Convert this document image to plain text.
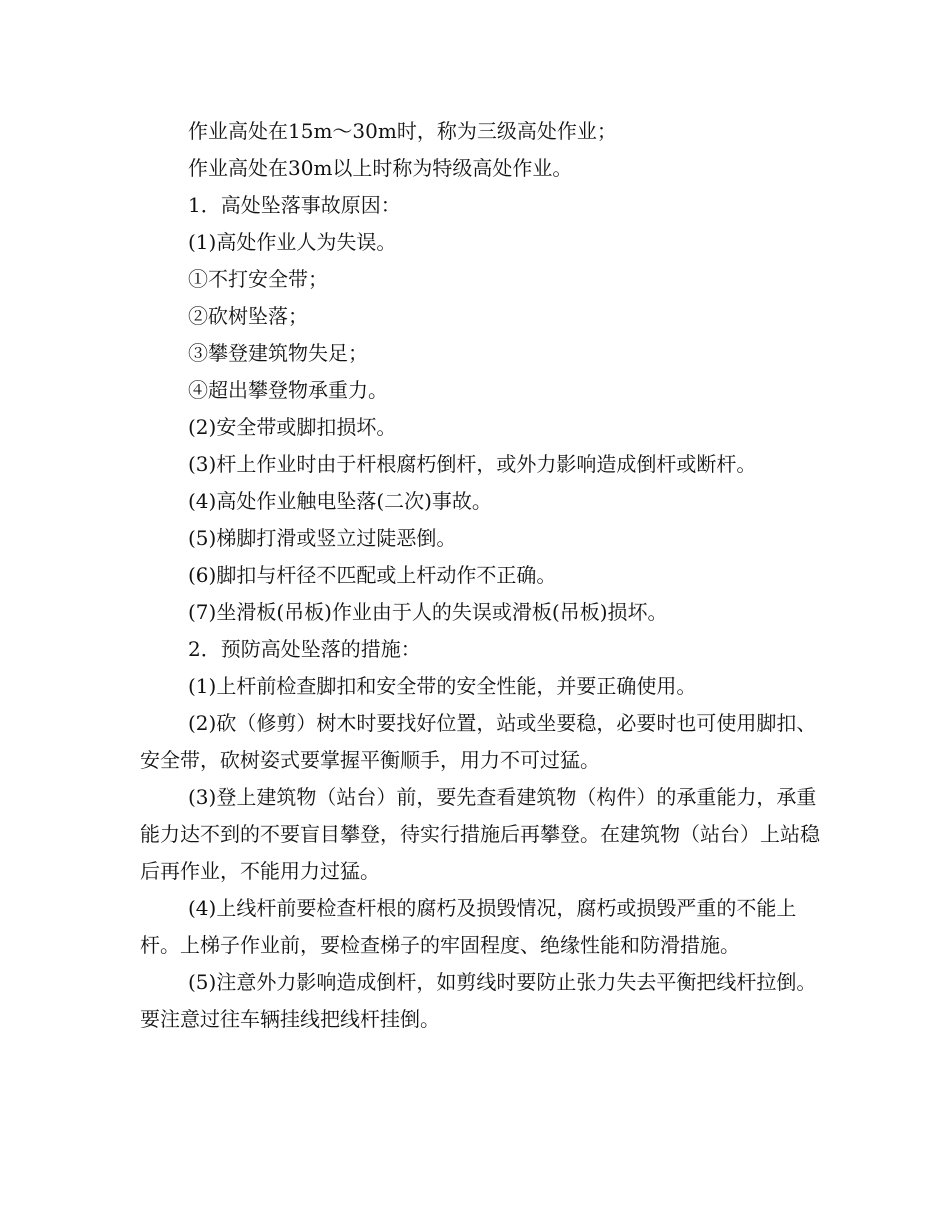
作业高处在15m～30m时，称为三级高处作业；

作业高处在30m以上时称为特级高处作业。

1．高处坠落事故原因：

(1)高处作业人为失误。

①不打安全带；

②砍树坠落；

③攀登建筑物失足；

④超出攀登物承重力。

(2)安全带或脚扣损坏。

(3)杆上作业时由于杆根腐朽倒杆，或外力影响造成倒杆或断杆。

(4)高处作业触电坠落(二次)事故。

(5)梯脚打滑或竖立过陡恶倒。

(6)脚扣与杆径不匹配或上杆动作不正确。

(7)坐滑板(吊板)作业由于人的失误或滑板(吊板)损坏。

2．预防高处坠落的措施：

(1)上杆前检查脚扣和安全带的安全性能，并要正确使用。

(2)砍（修剪）树木时要找好位置，站或坐要稳，必要时也可使用脚扣、安全带，砍树姿式要掌握平衡顺手，用力不可过猛。

(3)登上建筑物（站台）前，要先查看建筑物（构件）的承重能力，承重能力达不到的不要盲目攀登，待实行措施后再攀登。在建筑物（站台）上站稳后再作业，不能用力过猛。

(4)上线杆前要检查杆根的腐朽及损毁情况，腐朽或损毁严重的不能上杆。上梯子作业前，要检查梯子的牢固程度、绝缘性能和防滑措施。

(5)注意外力影响造成倒杆，如剪线时要防止张力失去平衡把线杆拉倒。要注意过往车辆挂线把线杆挂倒。
